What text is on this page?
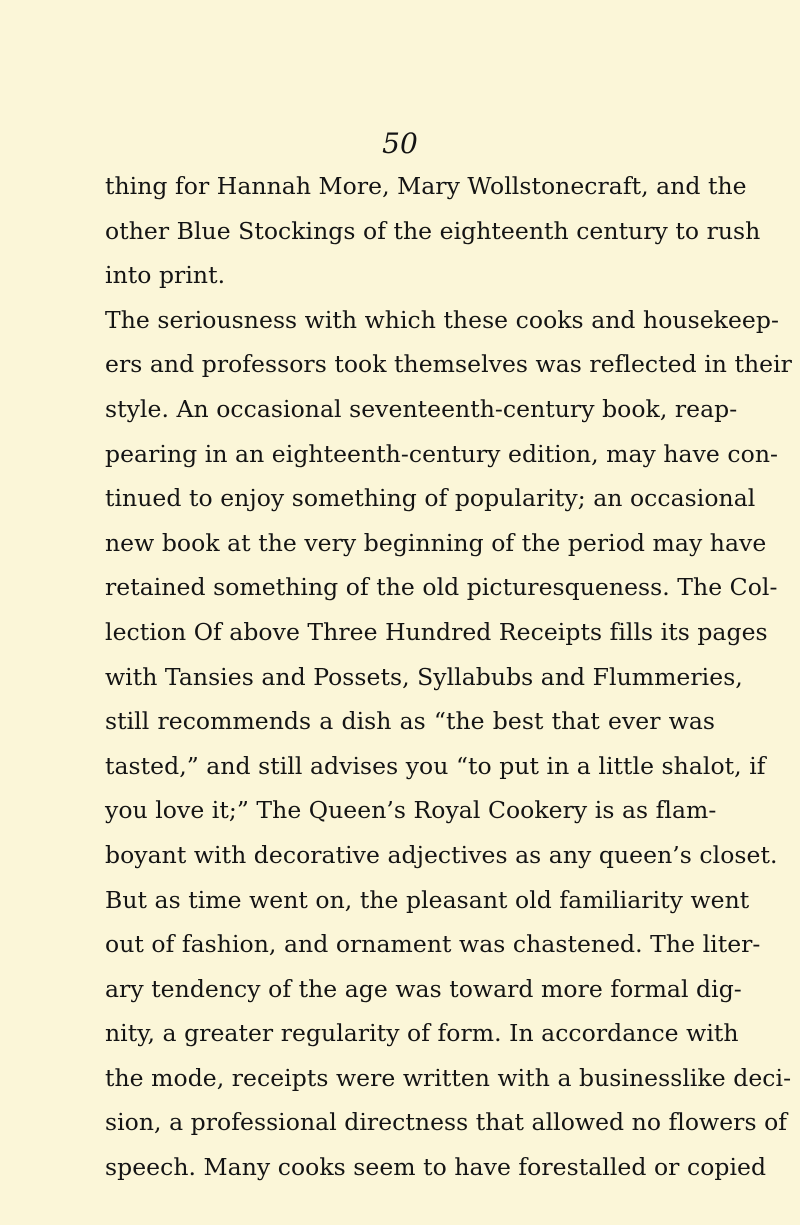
50
thing for Hannah More, Mary Wollstonecraft, and the
other Blue Stockings of the eighteenth century to rush
into print.
The seriousness with which these cooks and housekeep-
ers and professors took themselves was reflected in their
style. An occasional seventeenth-century book, reap-
pearing in an eighteenth-century edition, may have con-
tinued to enjoy something of popularity; an occasional
new book at the very beginning of the period may have
retained something of the old picturesqueness. The Col-
lection Of above Three Hundred Receipts fills its pages
with Tansies and Possets, Syllabubs and Flummeries,
still recommends a dish as “the best that ever was
tasted,” and still advises you “to put in a little shalot, if
you love it;” The Queen’s Royal Cookery is as flam-
boyant with decorative adjectives as any queen’s closet.
But as time went on, the pleasant old familiarity went
out of fashion, and ornament was chastened. The liter-
ary tendency of the age was toward more formal dig-
nity, a greater regularity of form. In accordance with
the mode, receipts were written with a businesslike deci-
sion, a professional directness that allowed no flowers of
speech. Many cooks seem to have forestalled or copied
